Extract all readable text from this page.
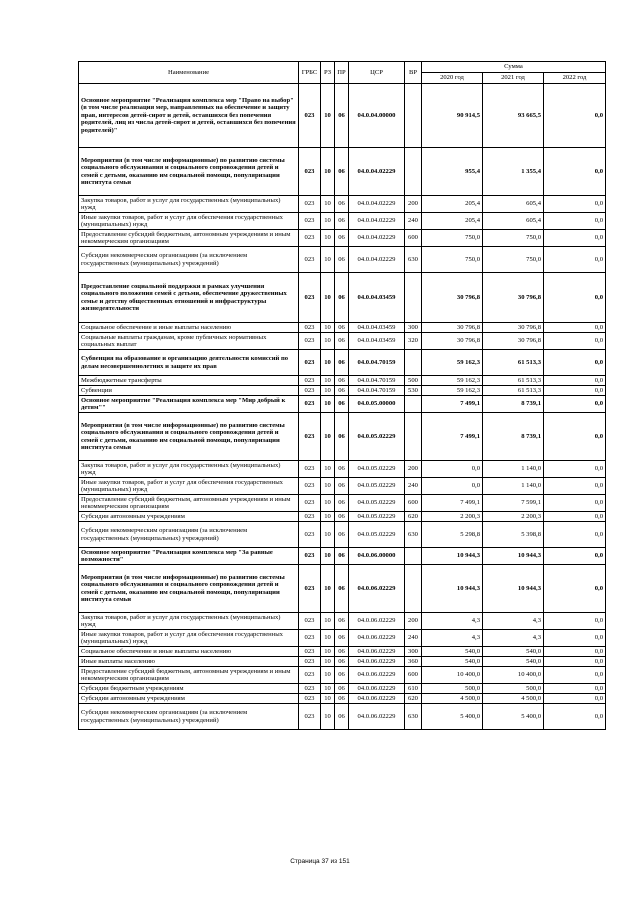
Наименование	ГРБС	РЗ	ПР	ЦСР	ВР	Сумма		
						2020 год	2021 год	2022 год
Основное мероприятие "Реализация комплекса мер "Право на выбор" (в том числе реализация мер, направленных на обеспечение и защиту прав, интересов детей-сирот и детей, оставшихся без попечения родителей, лиц из числа детей-сирот и детей, оставшихся без попечения родителей)"	023	10	06	04.0.04.00000		90 914,5	93 665,5	0,0
Мероприятия (в том числе информационные) по развитию системы социального обслуживания и социального сопровождения детей и семей с детьми, оказанию им социальной помощи, популяризации института семьи	023	10	06	04.0.04.02229		955,4	1 355,4	0,0
Закупка товаров, работ и услуг для государственных (муниципальных) нужд	023	10	06	04.0.04.02229	200	205,4	605,4	0,0
Иные закупки товаров, работ и услуг для обеспечения государственных (муниципальных) нужд	023	10	06	04.0.04.02229	240	205,4	605,4	0,0
Предоставление субсидий бюджетным, автономным учреждениям и иным некоммерческим организациям	023	10	06	04.0.04.02229	600	750,0	750,0	0,0
Субсидии некоммерческим организациям (за исключением государственных (муниципальных) учреждений)	023	10	06	04.0.04.02229	630	750,0	750,0	0,0
Предоставление социальной поддержки в рамках улучшения социального положения семей с детьми, обеспечение дружественных семье и детству общественных отношений и инфраструктуры жизнедеятельности	023	10	06	04.0.04.03459		30 796,8	30 796,8	0,0
Социальное обеспечение и иные выплаты населению	023	10	06	04.0.04.03459	300	30 796,8	30 796,8	0,0
Социальные выплаты гражданам, кроме публичных нормативных социальных выплат	023	10	06	04.0.04.03459	320	30 796,8	30 796,8	0,0
Субвенция на образование и организацию деятельности комиссий по делам несовершеннолетних и защите их прав	023	10	06	04.0.04.70159		59 162,3	61 513,3	0,0
Межбюджетные трансферты	023	10	06	04.0.04.70159	500	59 162,3	61 513,3	0,0
Субвенции	023	10	06	04.0.04.70159	530	59 162,3	61 513,3	0,0
Основное мероприятие "Реализация комплекса мер "Мир добрый к детям""	023	10	06	04.0.05.00000		7 499,1	8 739,1	0,0
Мероприятия (в том числе информационные) по развитию системы социального обслуживания и социального сопровождения детей и семей с детьми, оказанию им социальной помощи, популяризации института семьи	023	10	06	04.0.05.02229		7 499,1	8 739,1	0,0
Закупка товаров, работ и услуг для государственных (муниципальных) нужд	023	10	06	04.0.05.02229	200	0,0	1 140,0	0,0
Иные закупки товаров, работ и услуг для обеспечения государственных (муниципальных) нужд	023	10	06	04.0.05.02229	240	0,0	1 140,0	0,0
Предоставление субсидий бюджетным, автономным учреждениям и иным некоммерческим организациям	023	10	06	04.0.05.02229	600	7 499,1	7 599,1	0,0
Субсидии автономным учреждениям	023	10	06	04.0.05.02229	620	2 200,3	2 200,3	0,0
Субсидии некоммерческим организациям (за исключением государственных (муниципальных) учреждений)	023	10	06	04.0.05.02229	630	5 298,8	5 398,8	0,0
Основное мероприятие "Реализация комплекса мер "За равные возможности"	023	10	06	04.0.06.00000		10 944,3	10 944,3	0,0
Мероприятия (в том числе информационные) по развитию системы социального обслуживания и социального сопровождения детей и семей с детьми, оказанию им социальной помощи, популяризации института семьи	023	10	06	04.0.06.02229		10 944,3	10 944,3	0,0
Закупка товаров, работ и услуг для государственных (муниципальных) нужд	023	10	06	04.0.06.02229	200	4,3	4,3	0,0
Иные закупки товаров, работ и услуг для обеспечения государственных (муниципальных) нужд	023	10	06	04.0.06.02229	240	4,3	4,3	0,0
Социальное обеспечение и иные выплаты населению	023	10	06	04.0.06.02229	300	540,0	540,0	0,0
Иные выплаты населению	023	10	06	04.0.06.02229	360	540,0	540,0	0,0
Предоставление субсидий бюджетным, автономным учреждениям и иным некоммерческим организациям	023	10	06	04.0.06.02229	600	10 400,0	10 400,0	0,0
Субсидии бюджетным учреждениям	023	10	06	04.0.06.02229	610	500,0	500,0	0,0
Субсидии автономным учреждениям	023	10	06	04.0.06.02229	620	4 500,0	4 500,0	0,0
Субсидии некоммерческим организациям (за исключением государственных (муниципальных) учреждений)	023	10	06	04.0.06.02229	630	5 400,0	5 400,0	0,0
Страница 37 из 151
